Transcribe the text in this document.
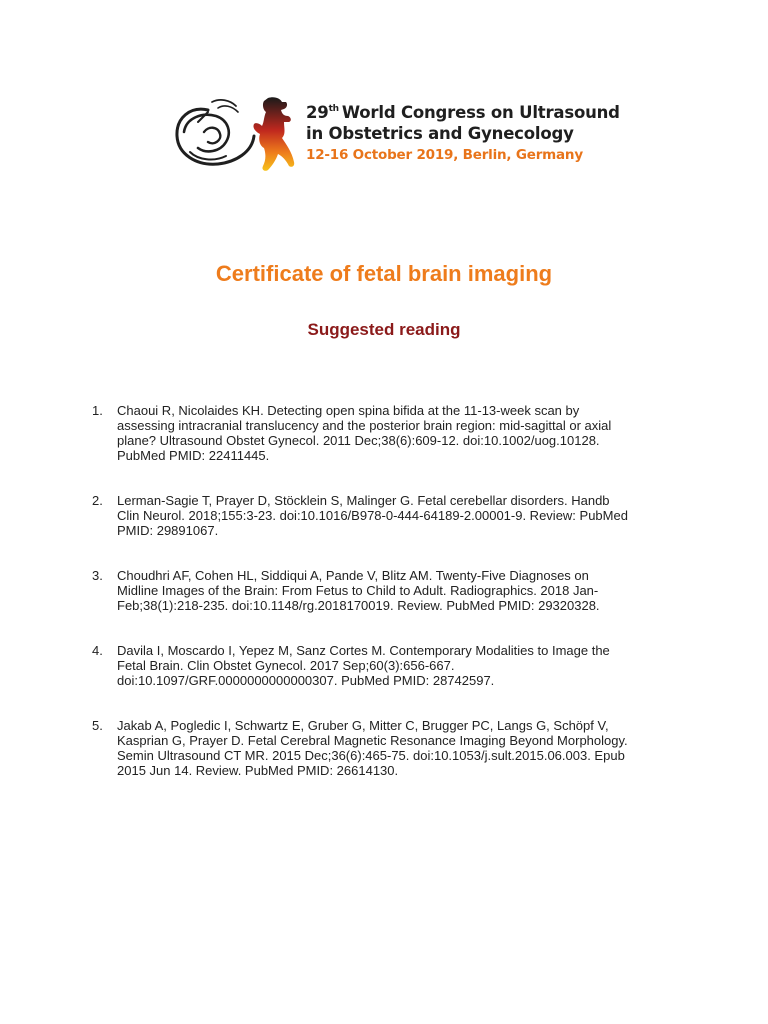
29th World Congress on Ultrasound
in Obstetrics and Gynecology
12-16 October 2019, Berlin, Germany
Certificate of fetal brain imaging
Suggested reading
1. Chaoui R, Nicolaides KH. Detecting open spina bifida at the 11-13-week scan by
assessing intracranial translucency and the posterior brain region: mid-sagittal or axial
plane? Ultrasound Obstet Gynecol. 2011 Dec;38(6):609-12. doi:10.1002/uog.10128.
PubMed PMID: 22411445.
2. Lerman-Sagie T, Prayer D, Stöcklein S, Malinger G. Fetal cerebellar disorders. Handb
Clin Neurol. 2018;155:3-23. doi:10.1016/B978-0-444-64189-2.00001-9. Review: PubMed
PMID: 29891067.
3. Choudhri AF, Cohen HL, Siddiqui A, Pande V, Blitz AM. Twenty-Five Diagnoses on
Midline Images of the Brain: From Fetus to Child to Adult. Radiographics. 2018 Jan-
Feb;38(1):218-235. doi:10.1148/rg.2018170019. Review. PubMed PMID: 29320328.
4. Davila I, Moscardo I, Yepez M, Sanz Cortes M. Contemporary Modalities to Image the
Fetal Brain. Clin Obstet Gynecol. 2017 Sep;60(3):656-667.
doi:10.1097/GRF.0000000000000307. PubMed PMID: 28742597.
5. Jakab A, Pogledic I, Schwartz E, Gruber G, Mitter C, Brugger PC, Langs G, Schöpf V,
Kasprian G, Prayer D. Fetal Cerebral Magnetic Resonance Imaging Beyond Morphology.
Semin Ultrasound CT MR. 2015 Dec;36(6):465-75. doi:10.1053/j.sult.2015.06.003. Epub
2015 Jun 14. Review. PubMed PMID: 26614130.
